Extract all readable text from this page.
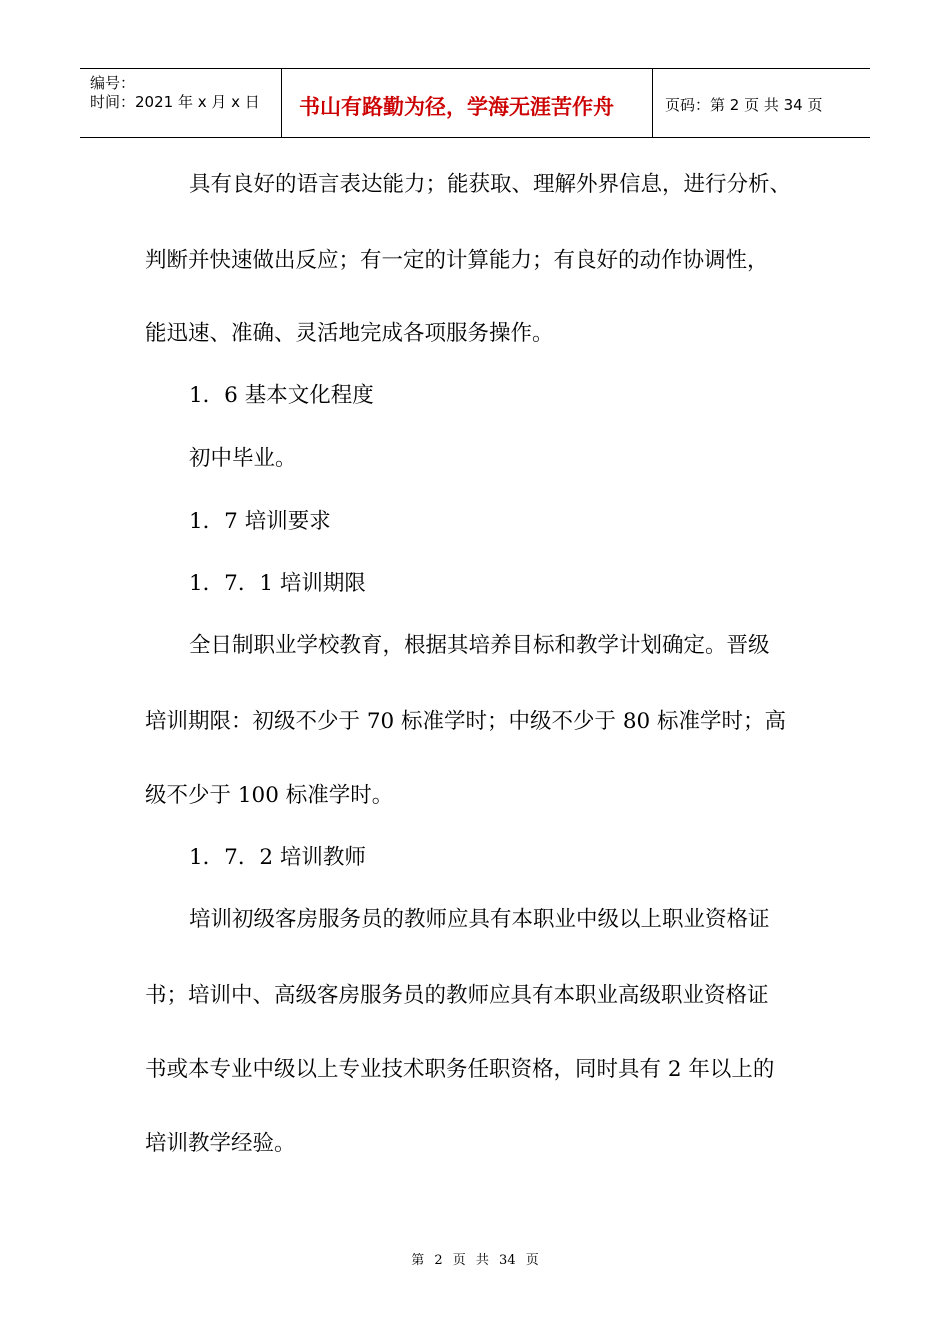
编号：
时间：2021 年 x 月 x 日 书山有路勤为径，学海无涯苦作舟	页码：第 2 页 共 34 页
具有良好的语言表达能力；能获取、理解外界信息，进行分析、
判断并快速做出反应；有一定的计算能力；有良好的动作协调性，
能迅速、准确、灵活地完成各项服务操作。
1．6 基本文化程度
初中毕业。
1．7 培训要求
1．7．1 培训期限
全日制职业学校教育，根据其培养目标和教学计划确定。晋级
培训期限：初级不少于 70 标准学时；中级不少于 80 标准学时；高
级不少于 100 标准学时。
1．7．2 培训教师
培训初级客房服务员的教师应具有本职业中级以上职业资格证
书；培训中、高级客房服务员的教师应具有本职业高级职业资格证
书或本专业中级以上专业技术职务任职资格，同时具有 2 年以上的
培训教学经验。
第 2 页 共 34 页
